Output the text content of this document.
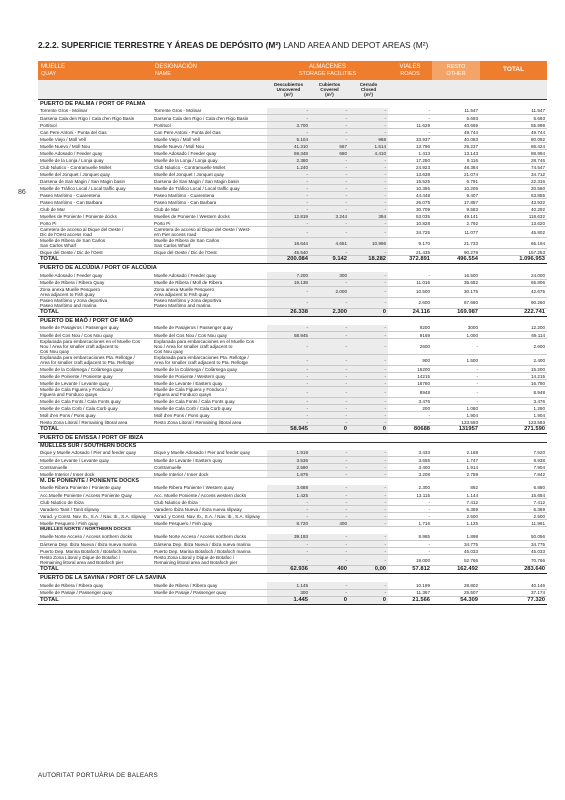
2.2.2. SUPERFICIE TERRESTRE Y ÁREAS DE DEPÓSITO (M²) LAND AREA AND DEPOT AREAS (M²)
86
MUELLE
QUAY	DESIGNACIÓN
NAME	ALMACENES
STORAGE FACILITIES			VIALES
ROADS	RESTO
OTHER	TOTAL
		Descubiertos
Uncovered
(m²)	Cubiertos
Covered
(m²)	Cerrado
Closed
(m²)			
PUERTO DE PALMA / PORT OF PALMA							
Torrente Gros - Molinar	Torrente Gros - Molinar	-	-	-	-	11.547	11.547
Darsena Cala den Rigo / Cala d'en Rigo Basin	Darsena Cala den Rigo / Cala d'en Rigo Basin	-	-	-	-	5.693	5.693
Portitxol	Portitxol	3.700	-	-	11.629	40.669	55.998
Can Pere Antoni - Punta del Gas	Can Pere Antoni - Punta del Gas	-	-	-	-	49.744	49.744
Muelle Viejo / Moll Vell	Muelle Viejo / Moll Vell	5.104	-	968	33.937	40.083	80.092
Muelle Nuevo / Moll Nou	Muelle Nuevo / Moll Nou	41.310	567	1.514	13.796	29.237	86.424
Muelle Adosado / Feeder quay	Muelle Adosado / Feeder quay	69.348	680	4.410	1.413	13.143	88.994
Muelle de la Lonja / Lonja quay	Muelle de la Lonja / Lonja quay	2.380	-	-	17.250	9.116	28.746
Club Náutico - Contramuelle Mollet	Club Náutico - Contramuelle Mollet	1.240	-	-	24.923	48.384	74.547
Muelle del Jonquet / Jonquet quay	Muelle del Jonquet / Jonquet quay	-	-	-	13.638	21.074	34.712
Darsena de San Magin / San Magin basin	Darsena de San Magin / San Magin basin	-	-	-	15.525	6.791	22.316
Muelle de Tráfico Local / Local traffic quay	Muelle de Tráfico Local / Local traffic quay	-	-	-	10.355	10.205	20.560
Paseo Marítimo - Cuarentena	Paseo Marítimo - Cuarentena	-	-	-	44.448	9.407	53.855
Paseo Marítimo - Can Barbara	Paseo Marítimo - Can Barbara	-	-	-	26.075	17.857	43.932
Club de Mar	Club de Mar	-	-	-	30.709	9.583	40.292
Muelles de Poniente / Poniente docks	Muelles de Poniente / Western docks	12.819	3.244	394	53.035	49.141	118.632
Porto Pi	Porto Pi	-	-	-	10.828	2.792	13.620
Carretera de acceso al Dique del Oeste /
Dic de l'Oest access road	Carretera de acceso al Dique del Oeste / West-
ern Pier access road	-	-	-	34.725	11.077	45.802
Muelle de Ribera de San Carlos
San Carlos Wharf	Muelle de Ribera de San Carlos
San Carlos Wharf	18.644	4.651	10.996	9.170	21.733	65.194
Dique del Oeste / Dic de l'Oest	Dique del Oeste / Dic de l'Oest	45.540	-	-	21.435	90.278	157.253
TOTAL		200.084	9.142	18.282	372.891	496.554	1.096.953
PUERTO DE ALCÚDIA / PORT OF ALCÚDIA							
Muelle Adosado / Feeder quay	Muelle Adosado / Feeder quay	7.200	300	-	-	16.500	24.000
Muelle de Ribera / Ribera Quay	Muelle de Ribera / Moll de Ribera	19.138	-	-	11.016	35.652	65.806
Zona anexa Muelle Pesquero
Area adjacent to Fish quay	Zona anexa Muelle Pesquero
Area adjacent to Fish quay	-	2.000	-	10.500	30.175	42.675
Paseo Marítimo y zona deportiva
Paseo Marítimo and marina	Paseo Marítimo y zona deportiva
Paseo Marítimo and marina	-	-	-	2.600	87.660	90.260
TOTAL		26.338	2.300	0	24.116	169.987	222.741
PUERTO DE MAÓ / PORT OF MAÓ							
Muelle de Pasajeros / Passenger quay	Muelle de Pasajeros / Passenger quay	-	-	-	9200	3000	12.200
Muelle del Cos Nou / Cos Nou quay	Muelle del Cos Nou / Cos Nou quay	58.945	-	-	9169	1.000	69.114
Explanada para embarcaciones en el Muelle Cos
Nou / Area for smaller craft adjacent to
Cos Nou quay	Explanada para embarcaciones en el Muelle Cos
Nou / Area for smaller craft adjacent to
Cos Nou quay	-	-	-	2600	-	2.600
Explanada para embarcaciones Pta. Rellotge /
Area for smaller craft adjacent to Pta. Rellotge	Explanada para embarcaciones Pta. Rellotge /
Area for smaller craft adjacent to Pta. Rellotge	-	-	-	900	1.500	2.400
Muelle de la Colàrsega / Colàrsega quay	Muelle de la Colàrsega / Colàrsega quay	-	-	-	15200	-	15.200
Muelle de Poniente / Poniente quay	Muelle de Poniente / Western quay	-	-	-	14215	-	14.215
Muelle de Levante / Levante quay	Muelle de Levante / Eastern quay	-	-	-	16780	-	16.780
Muelle de Cala Figuera y Fonduco /
Figuera and Fonduco quays	Muelle de Cala Figuera y Fonduco /
Figuera and Fonduco quays	-	-	-	8948	-	8.948
Muelle de Cala Fonts / Cala Fonts quay	Muelle de Cala Fonts / Cala Fonts quay	-	-	-	3.476	-	3.476
Muelle de Cala Corb / Cala Corb quay	Muelle de Cala Corb / Cala Corb quay	-	-	-	200	1.060	1.260
Moll d'en Pons / Pons quay	Moll d'en Pons / Pons quay	-	-	-	-	1.904	1.904
Resto Zona Litoral / Remaining littoral area	Resto Zona Litoral / Remaining littoral area	-	-	-	-	123.593	123.593
TOTAL		58.945	0	0	80688	131957	271.590
PUERTO DE EIVISSA / PORT OF IBIZA							
MUELLES SUR / SOUTHERN DOCKS							
Dique y Muelle Adosado / Pier and feeder quay	Dique y Muelle Adosado / Pier and feeder quay	1.919	-	-	3.433	2.168	7.520
Muelle de Levante / Levante quay	Muelle de Levante / Eastern quay	3.536	-	-	3.655	1.747	8.938
Contramuelle	Contramuelle	2.590	-	-	3.400	1.914	7.904
Muelle Interior / Inner dock	Muelle Interior / Inner dock	1.875	-	-	3.208	2.759	7.842
M. DE PONIENTE / PONIENTE DOCKS							
Muelle Ribera Poniente / Poniente quay	Muelle Ribera Poniente / Western quay	3.688	-	-	2.300	892	6.880
Acc.Muelle Poniente / Access Poniente Quay	Acc. Muelle Poniente / Access western docks	1.425	-	-	13.115	1.144	15.684
Club Náutico de Ibiza	Club Náutico de Ibiza	-	-	-	-	7.412	7.412
Varadero Tanit / Tanit slipway	Varadero Ibiza Nueva / Ibiza nueva slipway	-	-	-	-	6.369	6.369
Varad. y Const. Nav. Ib., S.A. / Nav. Ib., S.A. slipway	Varad. y Const. Nav. Ib., S.A. / Nav. Ib., S.A. slipway	-	-	-	-	2.500	2.500
Muelle Pesquero / Fish quay	Muelle Pesquero / Fish quay	8.720	400	-	1.716	1.125	11.961
MUELLES NORTE / NORTHERN DOCKS							
Muelle Norte Acceso / Access northern docks	Muelle Norte Acceso / Access northern docks	39.193	-	-	8.985	1.898	50.056
Dársena Dep. Ibiza Nueva / Ibiza nueva marina	Dársena Dep. Ibiza Nueva / Ibiza nueva marina	-	-	-	-	34.775	34.775
Puerto Dep. Marina Botafoch / Botafoch marina	Puerto Dep. Marina Botafoch / Botafoch marina	-	-	-	-	45.033	45.033
Resto Zona Litoral y Dique de Botafoc /
Remaining littoral area and Botafoch pier	Resto Zona Litoral y Dique de Botafoc /
Remaining littoral area and Botafoch pier	-	-	-	19.000	52.766	70.766
TOTAL		62.936	400	0,00	57.812	162.492	283.640
PUERTO DE LA SAVINA / PORT OF LA SAVINA							
Muelle de Ribera / Ribera quay	Muelle de Ribera / Ribera quay	1.145	-	-	10.199	28.802	40.146
Muelle de Pasaje / Passenger quay	Muelle de Pasaje / Passenger quay	300	-	-	11.367	25.507	37.174
TOTAL		1.445	0	0	21.566	54.309	77.320
AUTORITAT PORTUÀRIA DE BALEARS
